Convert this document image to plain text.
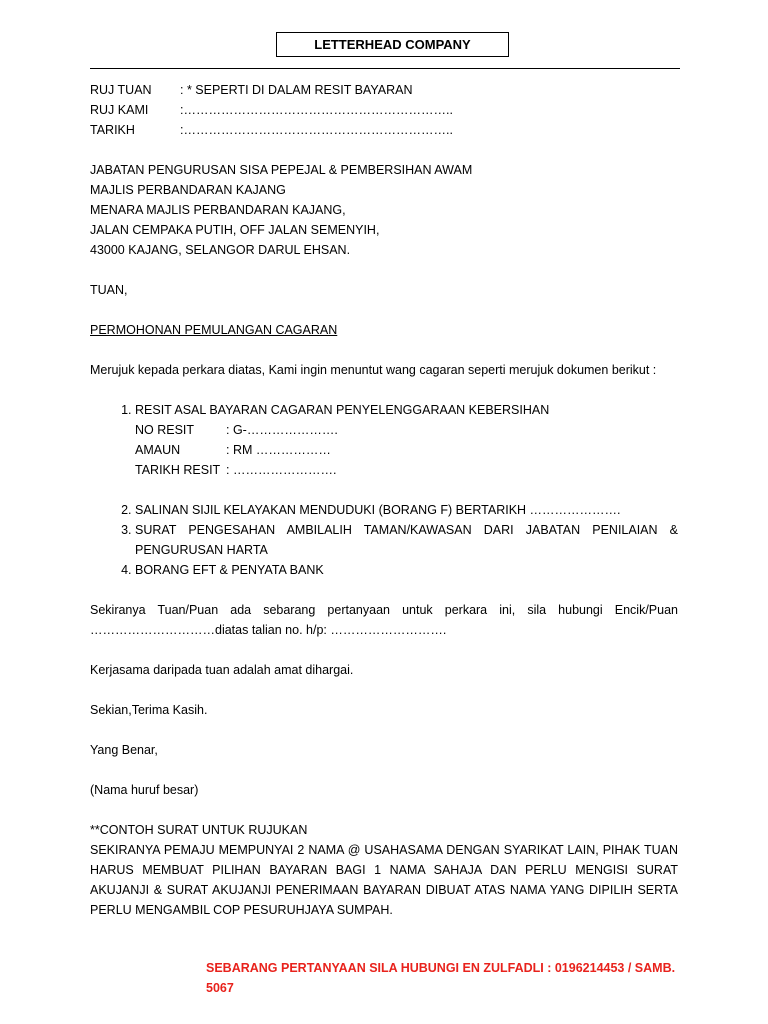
LETTERHEAD COMPANY
RUJ TUAN	: * SEPERTI DI DALAM RESIT BAYARAN
RUJ KAMI	:………………………………………………………..
TARIKH	:………………………………………………………..
JABATAN PENGURUSAN SISA PEPEJAL & PEMBERSIHAN AWAM
MAJLIS PERBANDARAN KAJANG
MENARA MAJLIS PERBANDARAN KAJANG,
JALAN CEMPAKA PUTIH, OFF JALAN SEMENYIH,
43000 KAJANG, SELANGOR DARUL EHSAN.
TUAN,
PERMOHONAN PEMULANGAN CAGARAN
Merujuk kepada perkara diatas, Kami ingin menuntut wang cagaran seperti merujuk dokumen berikut :
1. RESIT ASAL BAYARAN CAGARAN PENYELENGGARAAN KEBERSIHAN
NO RESIT	: G-………………….
AMAUN	: RM ………………
TARIKH RESIT : …………………….
2. SALINAN SIJIL KELAYAKAN MENDUDUKI (BORANG F) BERTARIKH ………………….
3. SURAT PENGESAHAN AMBILALIH TAMAN/KAWASAN DARI JABATAN PENILAIAN & PENGURUSAN HARTA
4. BORANG EFT & PENYATA BANK
Sekiranya Tuan/Puan ada sebarang pertanyaan untuk perkara ini, sila hubungi Encik/Puan …………………………diatas talian no. h/p: ……………………….
Kerjasama daripada tuan adalah amat dihargai.
Sekian,Terima Kasih.
Yang Benar,
(Nama huruf besar)
**CONTOH SURAT UNTUK RUJUKAN
SEKIRANYA PEMAJU MEMPUNYAI 2 NAMA @ USAHASAMA DENGAN SYARIKAT LAIN, PIHAK TUAN HARUS MEMBUAT PILIHAN BAYARAN BAGI 1 NAMA SAHAJA DAN PERLU MENGISI SURAT AKUJANJI & SURAT AKUJANJI PENERIMAAN BAYARAN DIBUAT ATAS NAMA YANG DIPILIH SERTA PERLU MENGAMBIL COP PESURUHJAYA SUMPAH.
SEBARANG PERTANYAAN SILA HUBUNGI EN ZULFADLI : 0196214453 / SAMB. 5067
